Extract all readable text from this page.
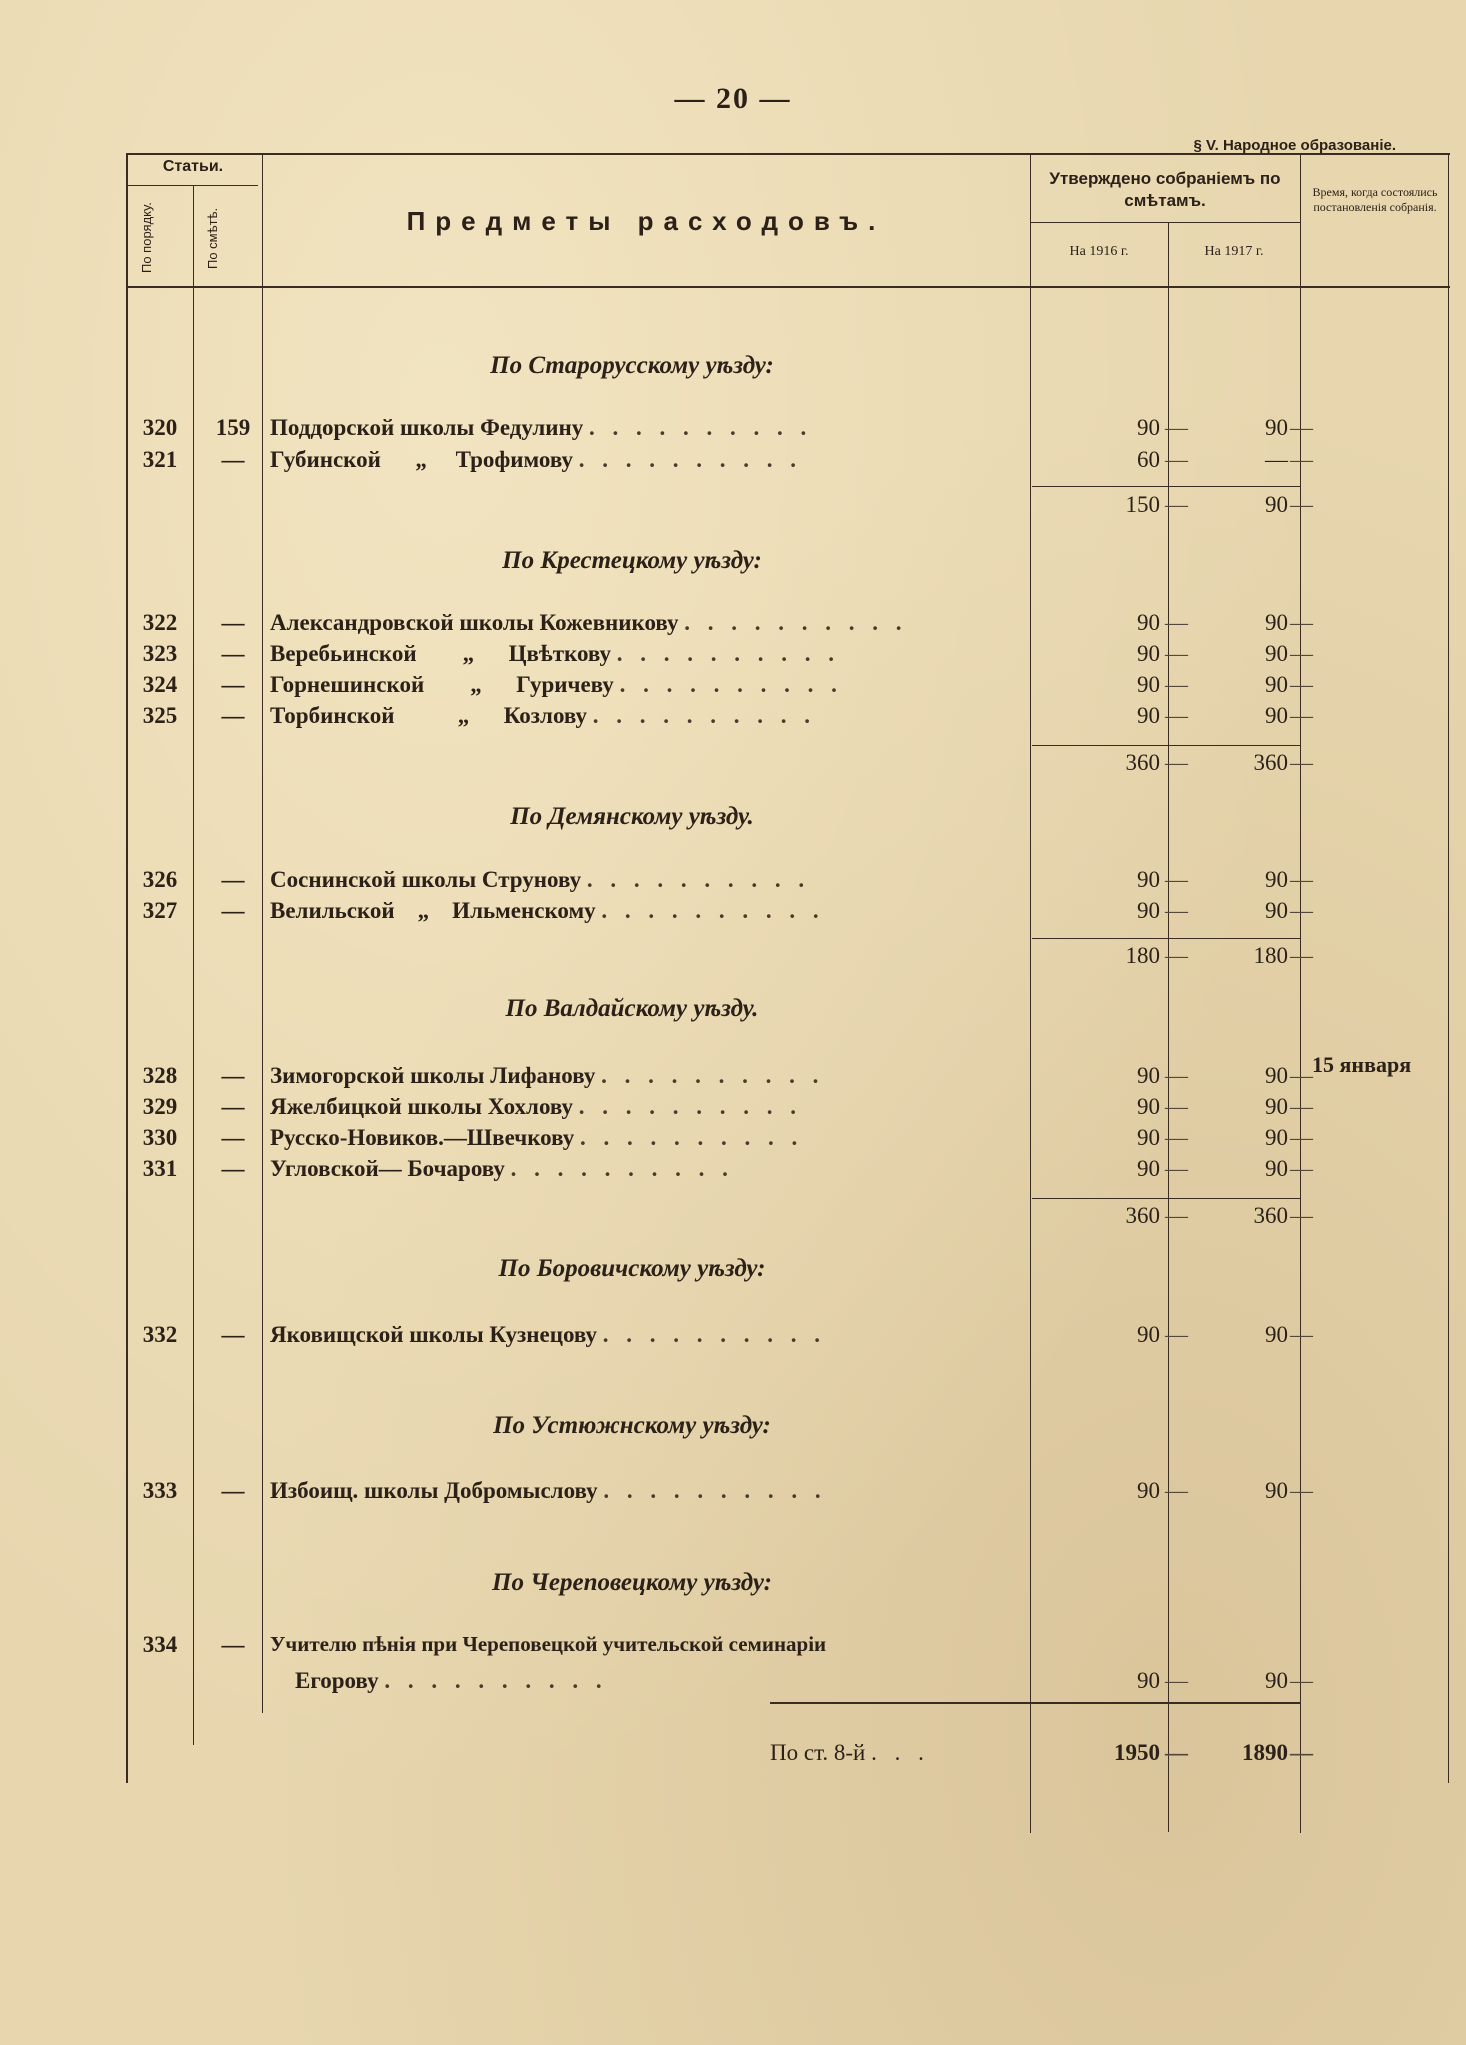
— 20 —
§ V. Народное образованіе.
Статьи.
По порядку.	По смѣтѣ.	Предметы расходовъ.
Утверждено собраніемъ по смѣтамъ.
На 1916 г.	На 1917 г.
Время, когда состоялись постановленія собранія.
По Старорусскому уѣзду:
320	159 Поддорской школы Федулину . . . . . . . . . .	90 —	90 —
321	—	Губинской      „     Трофимову . . . . . . . . . .	60 —	— —
150 —	90 —
По Крестецкому уѣзду:
322	—	Александровской школы Кожевникову . . . . . . . . . .	90 —	90 —
323	—	Веребьинской        „      Цвѣткову . . . . . . . . . .	90 —	90 —
324	—	Горнешинской        „      Гуричеву . . . . . . . . . .	90 —	90 —
325	—	Торбинской           „      Козлову . . . . . . . . . .	90 —	90 —
360 —	360 —
По Демянскому уѣзду.
326	—	Соснинской школы Струнову . . . . . . . . . .	90 —	90 —
327	—	Велильской    „    Ильменскому . . . . . . . . . .	90 —	90 —
180 —	180 —
По Валдайскому уѣзду.
328	—	Зимогорской школы Лифанову . . . . . . . . . .	90 —	90 —
329	—	Яжелбицкой школы Хохлову . . . . . . . . . .	90 —	90 —
330	—	Русско-Новиков.—Швечкову . . . . . . . . . .	90 —	90 —
331	—	Угловской— Бочарову . . . . . . . . . .	90 —	90 —
360 —	360 —
15 января
По Боровичскому уѣзду:
332	—	Яковищской школы Кузнецову . . . . . . . . . .	90 —	90 —
По Устюжнскому уѣзду:
333	—	Избоищ. школы Добромыслову . . . . . . . . . .	90 —	90 —
По Череповецкому уѣзду:
334	—	Учителю пѣнія при Череповецкой учительской семинаріи
Егорову . . . . . . . . . .	90 —	90 —
По ст. 8-й . . .	1950 —	1890 —
